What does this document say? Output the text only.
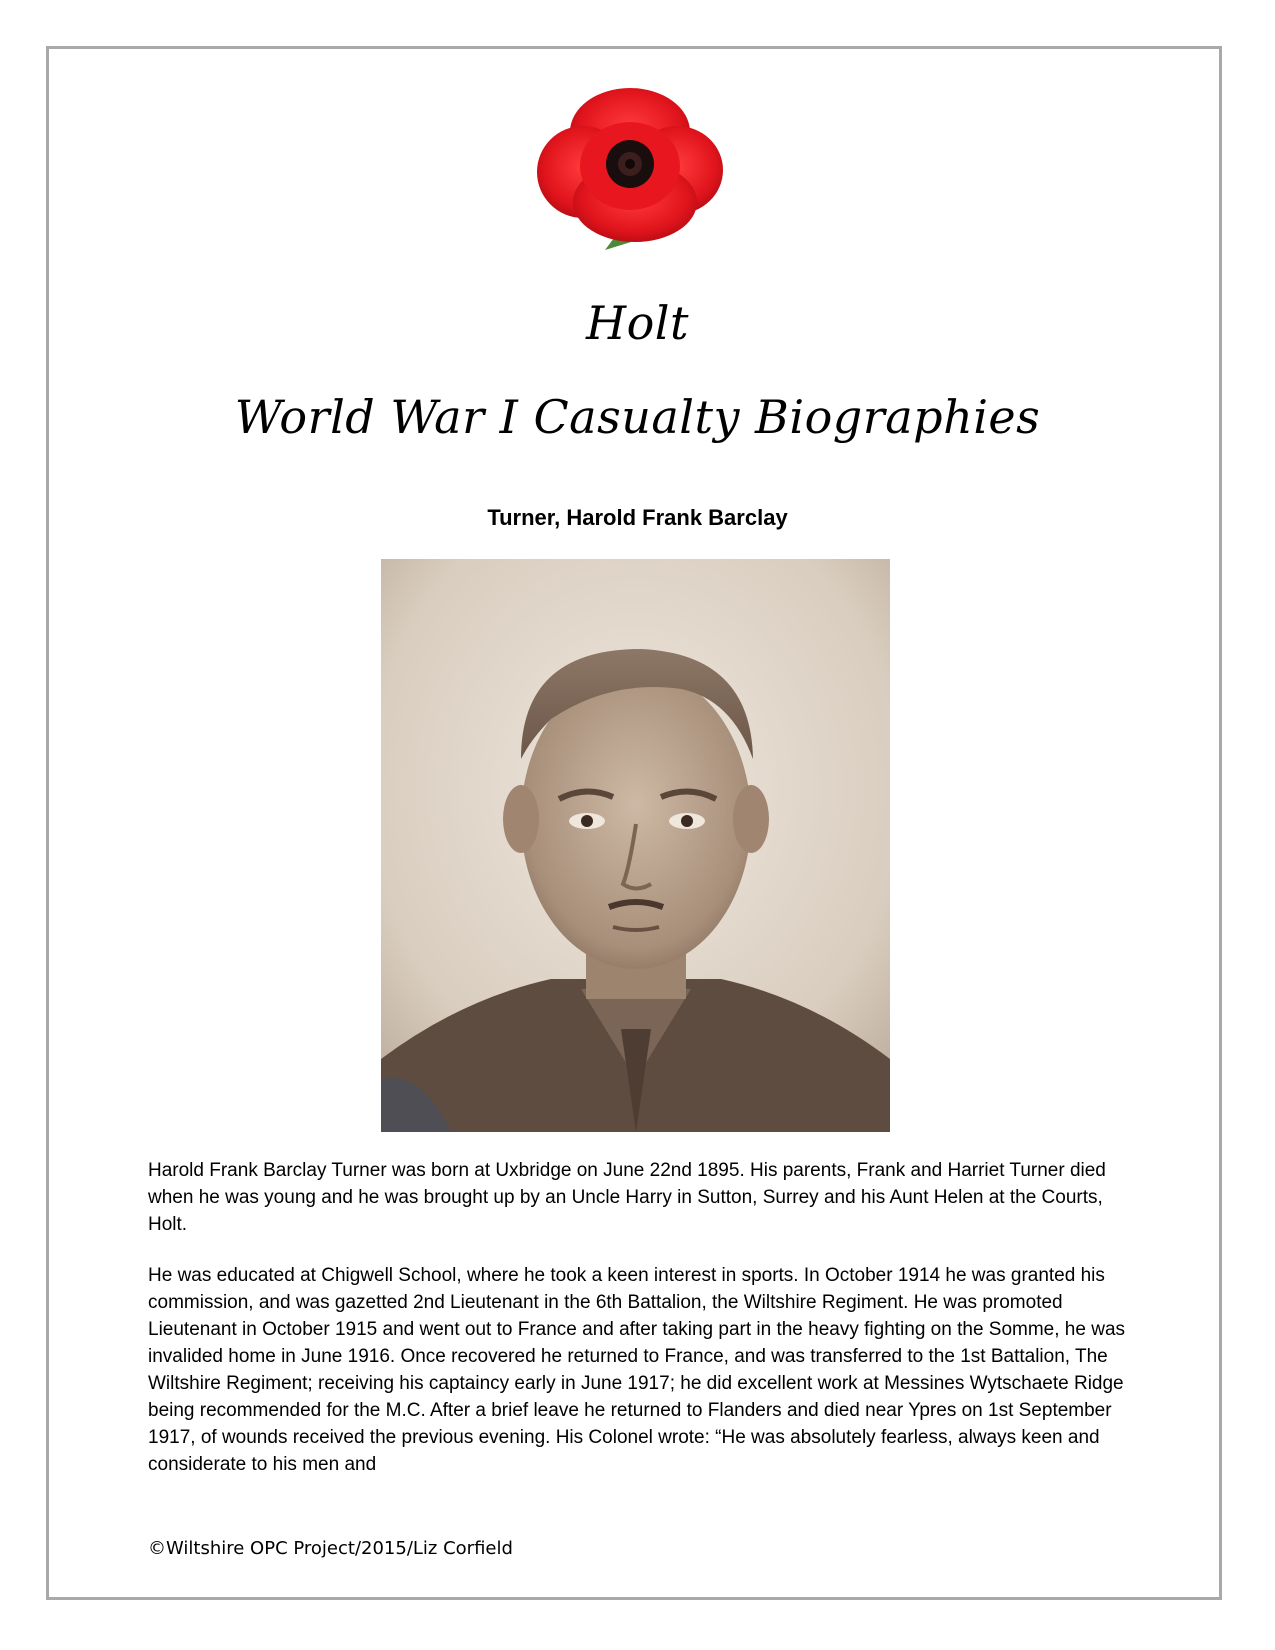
Holt
World War I Casualty Biographies
Turner, Harold Frank Barclay

Harold Frank Barclay Turner was born at Uxbridge on June 22nd 1895. His parents, Frank and Harriet Turner died when he was young and he was brought up by an Uncle Harry in Sutton, Surrey and his Aunt Helen at the Courts, Holt.

He was educated at Chigwell School, where he took a keen interest in sports. In October 1914 he was granted his commission, and was gazetted 2nd Lieutenant in the 6th Battalion, the Wiltshire Regiment. He was promoted Lieutenant in October 1915 and went out to France and after taking part in the heavy fighting on the Somme, he was invalided home in June 1916. Once recovered he returned to France, and was transferred to the 1st Battalion, The Wiltshire Regiment; receiving his captaincy early in June 1917; he did excellent work at Messines Wytschaete Ridge being recommended for the M.C. After a brief leave he returned to Flanders and died near Ypres on 1st September 1917, of wounds received the previous evening. His Colonel wrote: “He was absolutely fearless, always keen and considerate to his men and

©Wiltshire OPC Project/2015/Liz Corfield
